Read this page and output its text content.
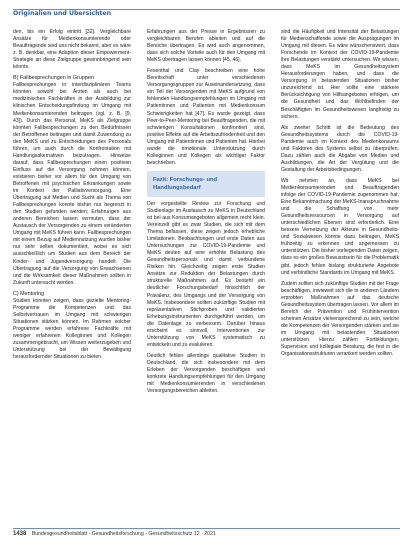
Originalien und Übersichten

den, bis ein Erfolg eintritt [32]. Vergleichbare Ansätze für Medienkonsumierende oder Beauftragende sind uns nicht bekannt, aber es wäre z. B. denkbar, eine Adaption dieser Empowerment-Strategie an diese Zielgruppe gewinnbringend sein könnte.

B) Fallbesprechungen in Gruppen

Fallbesprechungen in interdisziplinären Teams könnten sowohl bei Ärzten als auch bei medizinischen Fachkräften in der Ausbildung zur klinischen Entscheidungsfindung im Umgang mit Medienkonsumierenden beitragen (vgl. z. B. [9, 43]). Durch das Personal, MeKS als Zielgruppe könnten Fallbesprechungen zu den Bedürfnissen der Betroffenen beitragen und damit Zuwendung zu den MeKS und zu Entscheidungen des Personals führen, um auch durch die Konfrontation mit Handlungsalternativen beizutragen. Hinweise darauf, dass Fallbesprechungen einen positiven Einfluss auf die Versorgung nehmen können, existieren bisher vor allem für den Umgang von Betroffenen mit psychischen Erkrankungen sowie im Kontext der Palliativversorgung. Eine Übertragung auf Medien und Sucht als Thema von Fallbesprechungen konnte bisher nur begrenzt in den Studien gefunden werden; Erfahrungen aus anderen Bereichen lassen vermuten, dass der Austausch der Versorgenden zu einem veränderten Umgang mit MeKS führen kann. Fallbesprechungen mit einem Bezug auf Mediennutzung wurden bisher nur sehr selten dokumentiert, wobei es sich ausschließlich um Studien aus dem Bereich der Kinder- und Jugendversorgung handelt. Die Übertragung auf die Versorgung von Erwachsenen und die Wirksamkeit dieser Maßnahmen sollten in Zukunft untersucht werden.

C) Mentoring

Studien konnten zeigen, dass gezielte Mentoring-Programme die Kompetenzen und das Selbstvertrauen im Umgang mit schwierigen Situationen stärken können. Im Rahmen solcher Programme werden erfahrene Fachkräfte mit weniger erfahrenen Kolleginnen und Kollegen zusammengebracht, um Wissen weiterzugeben und Unterstützung bei der Bewältigung herausfordernder Situationen zu bieten.

Erfahrungen aus der Presse in Ergebnissen zu vergleichbaren Berufen ableiten und auf die Bereiche übertragen. Es wird auch angenommen, dass sich solche Vorteile auch für den Umgang mit MeKS übertragen lassen können [45, 46].

Fesenthal und Clay beschreiben eine hohe Bereitschaft unter verschiedenen Versorgungsgruppen zur Auseinandersetzung, dass ein Teil der Versorgenden mit MeKS aufgrund von fehlenden Handlungsempfehlungen im Umgang mit Patientinnen und Patienten mit Medienkonsum Schwierigkeiten hat [47]. Es wurde gezeigt, dass Peer-to-Peer-Mentoring bei Beauftragenden, die mit schwierigen Konsultationen konfrontiert sind, positive Effekte auf die Arbeitszufriedenheit und den Umgang mit Patientinnen und Patienten hat. Hierbei wurde die emotionale Unterstützung durch Kolleginnen und Kollegen als wichtiger Faktor beschrieben.

Fazit: Forschungs- und Handlungsbedarf

Der vorgestellte Review zur Forschung und Studienlage im Austausch zu MeKS in Deutschland ist bei aus Konsumangeboten allgemein recht klein. Vereinzelt gibt es zwar Studien, die sich mit dem Thema befassen, diese zeigen jedoch erhebliche Limitationen. Beobachtungen und erste Daten aus Untersuchungen zur COVID-19-Pandemie und MeKS deuten auf eine erhöhte Belastung des Gesundheitspersonals und damit verbundene Risiken hin. Gleichzeitig zeigen erste Studien Ansätze zur Reduktion der Belastungen durch strukturelle Maßnahmen auf. Es besteht ein deutlicher Forschungsbedarf hinsichtlich der Prävalenz, des Umgangs und der Versorgung von MeKS. Insbesondere sollten zukünftige Studien mit repräsentativen Stichproben und validierten Erhebungsinstrumenten durchgeführt werden, um die Datenlage zu verbessern. Darüber hinaus erscheint es sinnvoll, Interventionen zur Unterstützung von MeKS systematisch zu entwickeln und zu evaluieren.

Deutlich fehlen allerdings qualitative Studien in Deutschland, die sich insbesondere mit dem Erleben der Versorgenden beschäftigen und konkrete Handlungsempfehlungen für den Umgang mit Medienkonsumierenden in verschiedenen Versorgungsbereichen ableiten.

sind die Häufigkeit und Intensität der Belastungen für Medienschaffende sowie die Ausprägungen im Umgang mit diesen. Es wäre wünschenswert, dass Forschende im Kontext der COVID-19-Pandemie ihre Belastungen verstärkt untersuchen. Wir wissen, dass MeKS im Gesundheitssystem Herausforderungen haben, und dass die Versorgung in belastenden Situationen bisher unzureichend ist. Hier sollte eine stärkere Berücksichtigung von Hilfsangeboten erfolgen, um die Gesundheit und das Wohlbefinden der Beschäftigten im Gesundheitswesen langfristig zu sichern.

Als zweiter Schritt ist die Bedeutung des Gesundheitssystems durch die COVID-19-Pandemie auch im Kontext des Medienkonsums und Faktoren des Systems selbst zu überprüfen. Dazu zählen auch die Abgabe von Medien und Ausbildungen, die Art der Vergütung und die Gestaltung der Arbeitsbedingungen.

Wir nehmen an, dass MeKS bei Medienkonsumierenden und Beauftragenden infolge der COVID-19-Pandemie zugenommen hat. Eine Bekanntmachung der MeKS-Inanspruchnahme und die Schaffung von mehr Gesundheitsressourcen in Versorgung auf unterschiedlichen Ebenen sind erforderlich. Eine bessere Vernetzung der Akteure in Gesundheits- und Sozialwesen könnte dazu beitragen, MeKS frühzeitig zu erkennen und angemessen zu unterstützen. Die bisher vorliegenden Daten zeigen, dass es ein großes Bewusstsein für die Problematik gibt, jedoch fehlen bislang strukturierte Angebote und verbindliche Standards im Umgang mit MeKS.

Zudem sollten sich zukünftige Studien mit der Frage beschäftigen, inwieweit sich die in anderen Ländern erprobten Maßnahmen auf das deutsche Gesundheitssystem übertragen lassen. Vor allem im Bereich der Prävention und Frühintervention scheinen Ansätze vielversprechend zu sein, welche die Kompetenzen der Versorgenden stärken und sie im Umgang mit belastenden Situationen unterstützen. Hierzu zählen Fortbildungen, Supervision und kollegiale Beratung, die fest in die Organisationsstrukturen verankert werden sollten.

1438 Bundesgesundheitsblatt - Gesundheitsforschung - Gesundheitsschutz 12 · 2021
